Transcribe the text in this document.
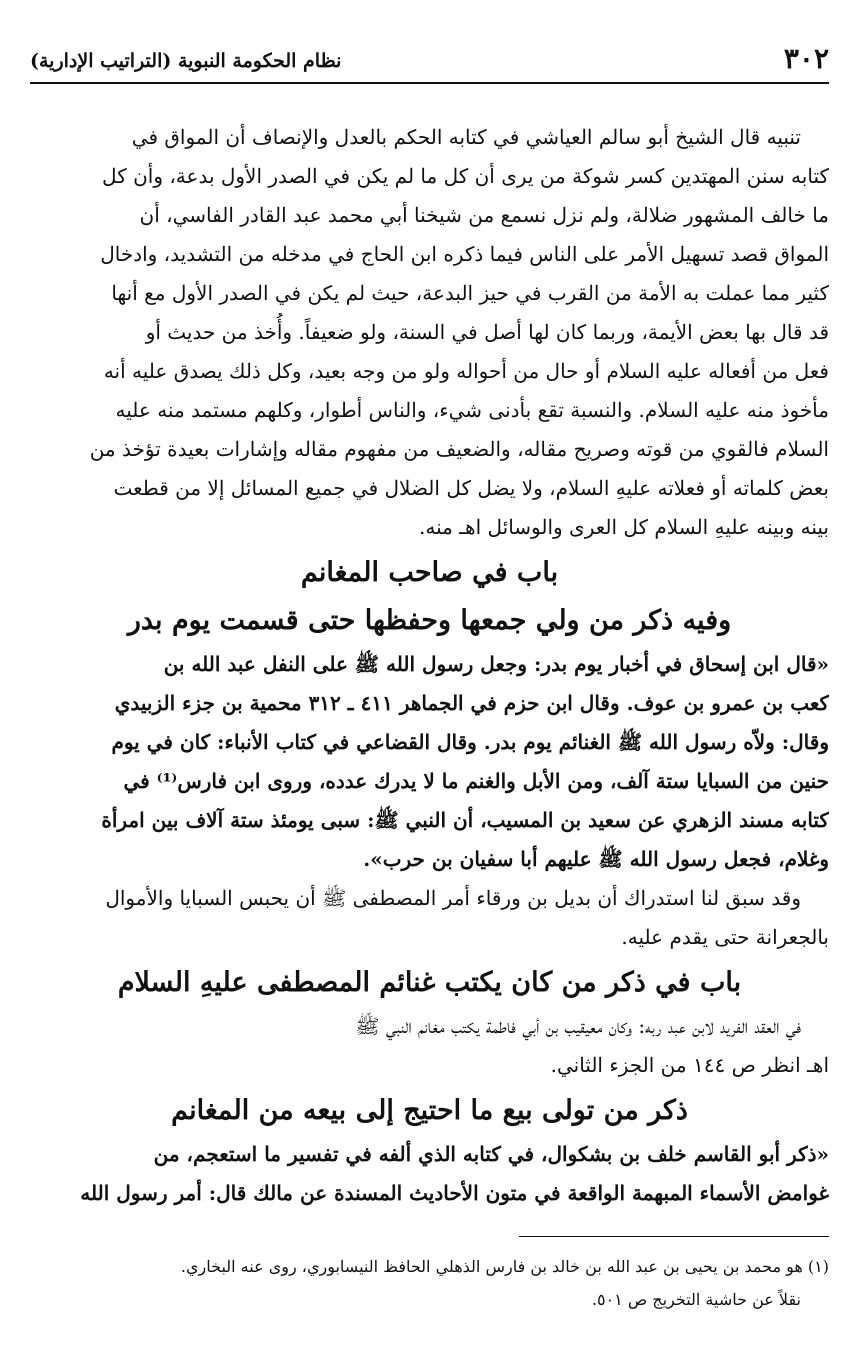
٣٠٢
نظام الحكومة النبوية (التراتيب الإدارية)
تنبيه قال الشيخ أبو سالم العياشي في كتابه الحكم بالعدل والإنصاف أن المواق في
كتابه سنن المهتدين كسر شوكة من يرى أن كل ما لم يكن في الصدر الأول بدعة، وأن كل
ما خالف المشهور ضلالة، ولم نزل نسمع من شيخنا أبي محمد عبد القادر الفاسي، أن
المواق قصد تسهيل الأمر على الناس فيما ذكره ابن الحاج في مدخله من التشديد، وادخال
كثير مما عملت به الأمة من القرب في حيز البدعة، حيث لم يكن في الصدر الأول مع أنها
قد قال بها بعض الأيمة، وربما كان لها أصل في السنة، ولو ضعيفاً. وأُخذ من حديث أو
فعل من أفعاله عليه السلام أو حال من أحواله ولو من وجه بعيد، وكل ذلك يصدق عليه أنه
مأخوذ منه عليه السلام. والنسبة تقع بأدنى شيء، والناس أطوار، وكلهم مستمد منه عليه
السلام فالقوي من قوته وصريح مقاله، والضعيف من مفهوم مقاله وإشارات بعيدة تؤخذ من
بعض كلماته أو فعلاته عليهِ السلام، ولا يضل كل الضلال في جميع المسائل إلا من قطعت
بينه وبينه عليهِ السلام كل العرى والوسائل اهـ منه.
باب في صاحب المغانم
وفيه ذكر من ولي جمعها وحفظها حتى قسمت يوم بدر
«قال ابن إسحاق في أخبار يوم بدر: وجعل رسول الله ﷺ على النفل عبد الله بن
كعب بن عمرو بن عوف. وقال ابن حزم في الجماهر ٤١١ ـ ٣١٢ محمية بن جزء الزبيدي
وقال: ولاّه رسول الله ﷺ الغنائم يوم بدر. وقال القضاعي في كتاب الأنباء: كان في يوم
حنين من السبايا ستة آلف، ومن الأبل والغنم ما لا يدرك عدده، وروى ابن فارس⁽¹⁾ في
كتابه مسند الزهري عن سعيد بن المسيب، أن النبي ﷺ: سبى يومئذ ستة آلاف بين امرأة
وغلام، فجعل رسول الله ﷺ عليهم أبا سفيان بن حرب».
وقد سبق لنا استدراك أن بديل بن ورقاء أمر المصطفى ﷺ أن يحبس السبايا والأموال
بالجعرانة حتى يقدم عليه.
باب في ذكر من كان يكتب غنائم المصطفى عليهِ السلام
في العقد الفريد لابن عبد ربه: وكان معيقيب بن أبي فاطمة يكتب مغانم النبي ﷺ
اهـ انظر ص ١٤٤ من الجزء الثاني.
ذكر من تولى بيع ما احتيج إلى بيعه من المغانم
«ذكر أبو القاسم خلف بن بشكوال، في كتابه الذي ألفه في تفسير ما استعجم، من
غوامض الأسماء المبهمة الواقعة في متون الأحاديث المسندة عن مالك قال: أمر رسول الله

(١) هو محمد بن يحيى بن عبد الله بن خالد بن فارس الذهلي الحافظ النيسابوري، روى عنه البخاري.

نقلاً عن حاشية التخريج ص ٥٠١.
